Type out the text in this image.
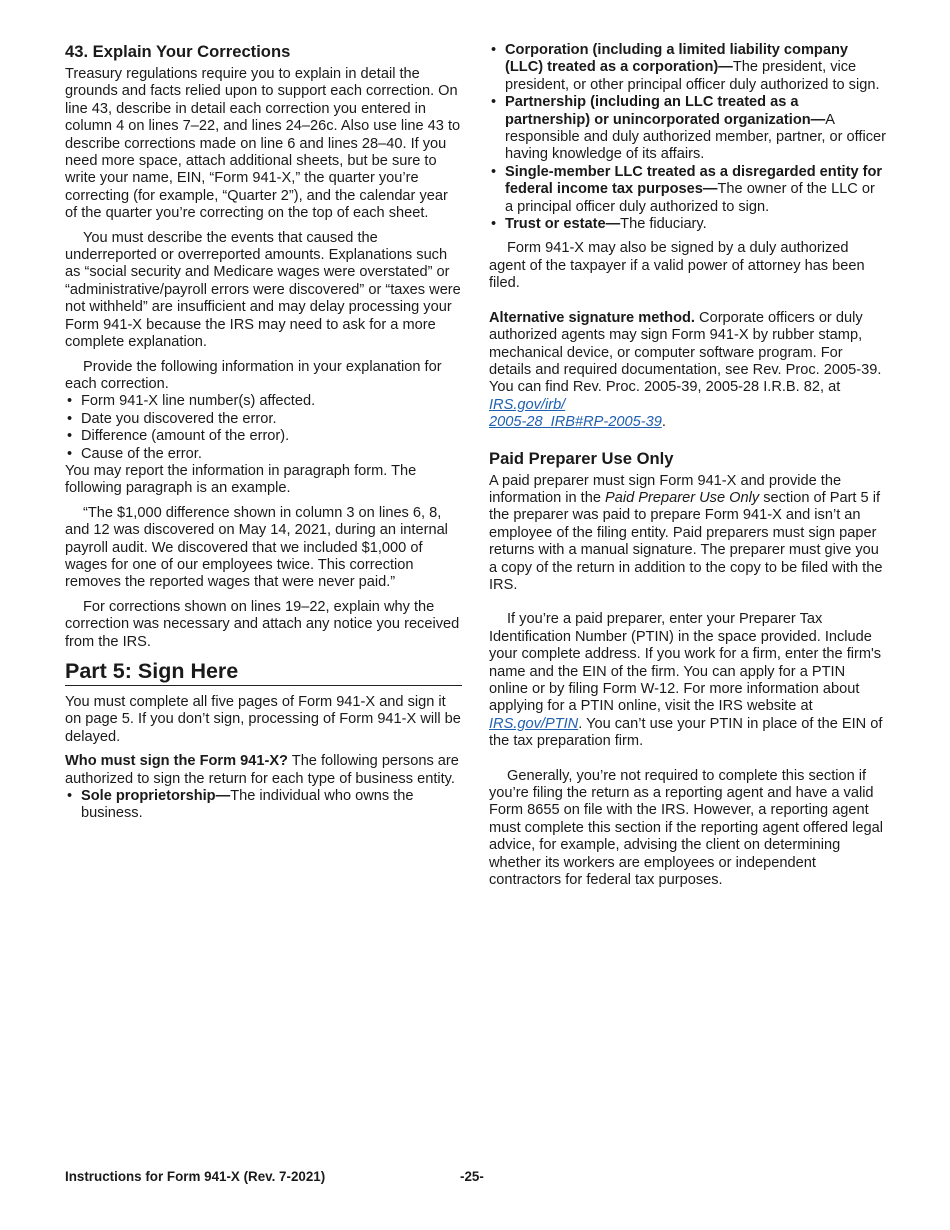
43. Explain Your Corrections

Treasury regulations require you to explain in detail the grounds and facts relied upon to support each correction. On line 43, describe in detail each correction you entered in column 4 on lines 7–22, and lines 24–26c. Also use line 43 to describe corrections made on line 6 and lines 28–40. If you need more space, attach additional sheets, but be sure to write your name, EIN, “Form 941-X,” the quarter you’re correcting (for example, “Quarter 2”), and the calendar year of the quarter you’re correcting on the top of each sheet.

You must describe the events that caused the underreported or overreported amounts. Explanations such as “social security and Medicare wages were overstated” or “administrative/payroll errors were discovered” or “taxes were not withheld” are insufficient and may delay processing your Form 941-X because the IRS may need to ask for a more complete explanation.

Provide the following information in your explanation for each correction.

• Form 941-X line number(s) affected.
• Date you discovered the error.
• Difference (amount of the error).
• Cause of the error.

You may report the information in paragraph form. The following paragraph is an example.

“The $1,000 difference shown in column 3 on lines 6, 8, and 12 was discovered on May 14, 2021, during an internal payroll audit. We discovered that we included $1,000 of wages for one of our employees twice. This correction removes the reported wages that were never paid.”

For corrections shown on lines 19–22, explain why the correction was necessary and attach any notice you received from the IRS.

Part 5: Sign Here

You must complete all five pages of Form 941-X and sign it on page 5. If you don’t sign, processing of Form 941-X will be delayed.

Who must sign the Form 941-X? The following persons are authorized to sign the return for each type of business entity.

• Sole proprietorship—The individual who owns the business.
• Corporation (including a limited liability company (LLC) treated as a corporation)—The president, vice president, or other principal officer duly authorized to sign.
• Partnership (including an LLC treated as a partnership) or unincorporated organization—A responsible and duly authorized member, partner, or officer having knowledge of its affairs.
• Single-member LLC treated as a disregarded entity for federal income tax purposes—The owner of the LLC or a principal officer duly authorized to sign.
• Trust or estate—The fiduciary.

Form 941-X may also be signed by a duly authorized agent of the taxpayer if a valid power of attorney has been filed.

Alternative signature method. Corporate officers or duly authorized agents may sign Form 941-X by rubber stamp, mechanical device, or computer software program. For details and required documentation, see Rev. Proc. 2005-39. You can find Rev. Proc. 2005-39, 2005-28 I.R.B. 82, at IRS.gov/irb/
2005-28_IRB#RP-2005-39.

Paid Preparer Use Only

A paid preparer must sign Form 941-X and provide the information in the Paid Preparer Use Only section of Part 5 if the preparer was paid to prepare Form 941-X and isn’t an employee of the filing entity. Paid preparers must sign paper returns with a manual signature. The preparer must give you a copy of the return in addition to the copy to be filed with the IRS.

If you’re a paid preparer, enter your Preparer Tax Identification Number (PTIN) in the space provided. Include your complete address. If you work for a firm, enter the firm's name and the EIN of the firm. You can apply for a PTIN online or by filing Form W-12. For more information about applying for a PTIN online, visit the IRS website at IRS.gov/PTIN. You can’t use your PTIN in place of the EIN of the tax preparation firm.

Generally, you’re not required to complete this section if you’re filing the return as a reporting agent and have a valid Form 8655 on file with the IRS. However, a reporting agent must complete this section if the reporting agent offered legal advice, for example, advising the client on determining whether its workers are employees or independent contractors for federal tax purposes.

Instructions for Form 941-X (Rev. 7-2021)	-25-
